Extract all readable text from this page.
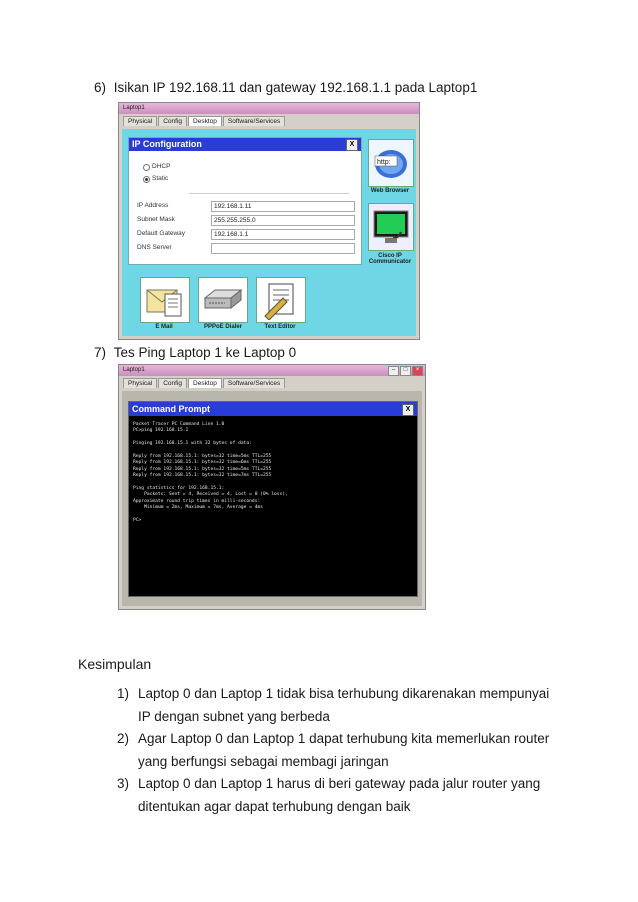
6) Isikan IP 192.168.11 dan gateway 192.168.1.1 pada Laptop1
Laptop1
Physical	Config	Desktop	Software/Services
IP Configuration	X
DHCP
Static
IP Address	192.168.1.11
Subnet Mask	255.255.255.0
Default Gateway	192.168.1.1
DNS Server
http:
Web Browser
Cisco IP Communicator
E Mail	PPPoE Dialer	Text Editor
7) Tes Ping Laptop 1 ke Laptop 0
Laptop1	–	□	×
Physical	Config	Desktop	Software/Services
Command Prompt	X
Packet Tracer PC Command Line 1.0
PC>ping 192.168.15.1

Pinging 192.168.15.1 with 32 bytes of data:

Reply from 192.168.15.1: bytes=32 time=5ms TTL=255
Reply from 192.168.15.1: bytes=32 time=6ms TTL=255
Reply from 192.168.15.1: bytes=32 time=5ms TTL=255
Reply from 192.168.15.1: bytes=32 time=7ms TTL=255

Ping statistics for 192.168.15.1:
Packets: Sent = 4, Received = 4, Lost = 0 (0% loss),
Approximate round trip times in milli-seconds:
Minimum = 2ms, Maximum = 7ms, Average = 4ms

PC>
Kesimpulan
1) Laptop 0 dan Laptop 1 tidak bisa terhubung dikarenakan mempunyai
IP dengan subnet yang berbeda
2) Agar Laptop 0 dan Laptop 1 dapat terhubung kita memerlukan router
yang berfungsi sebagai membagi jaringan
3) Laptop 0 dan Laptop 1 harus di beri gateway pada jalur router yang
ditentukan agar dapat terhubung dengan baik
